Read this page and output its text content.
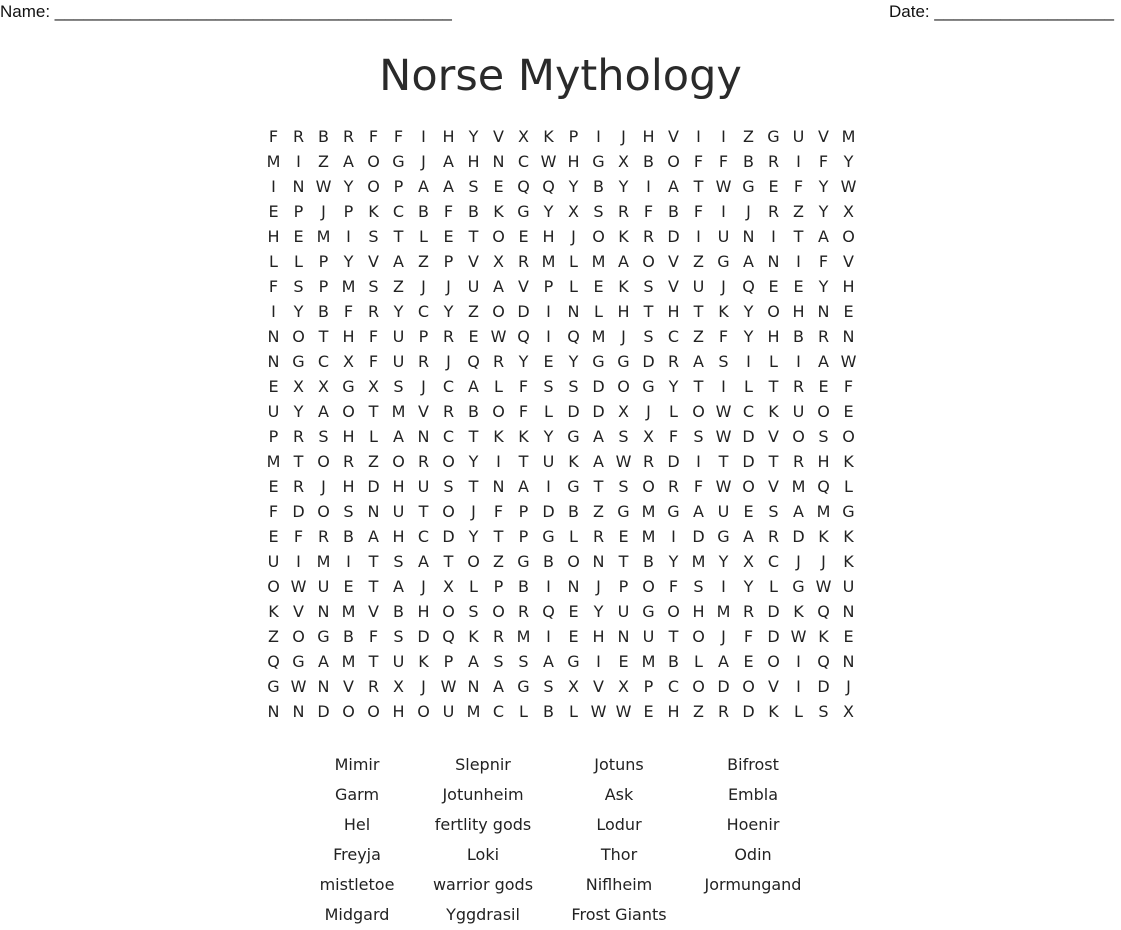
Name: __________________________________________	Date: ___________________
Norse Mythology
F R B R F F I H Y V X K P I J H V I I Z G U V M
M I Z A O G J A H N C W H G X B O F F B R I F Y
I N W Y O P A A S E Q Q Y B Y I A T W G E F Y W
E P J P K C B F B K G Y X S R F B F I J R Z Y X
H E M I S T L E T O E H J O K R D I U N I T A O
L L P Y V A Z P V X R M L M A O V Z G A N I F V
F S P M S Z J J U A V P L E K S V U J Q E E Y H
I Y B F R Y C Y Z O D I N L H T H T K Y O H N E
N O T H F U P R E W Q I Q M J S C Z F Y H B R N
N G C X F U R J Q R Y E Y G G D R A S I L I A W
E X X G X S J C A L F S S D O G Y T I L T R E F
U Y A O T M V R B O F L D D X J L O W C K U O E
P R S H L A N C T K K Y G A S X F S W D V O S O
M T O R Z O R O Y I T U K A W R D I T D T R H K
E R J H D H U S T N A I G T S O R F W O V M Q L
F D O S N U T O J F P D B Z G M G A U E S A M G
E F R B A H C D Y T P G L R E M I D G A R D K K
U I M I T S A T O Z G B O N T B Y M Y X C J J K
O W U E T A J X L P B I N J P O F S I Y L G W U
K V N M V B H O S O R Q E Y U G O H M R D K Q N
Z O G B F S D Q K R M I E H N U T O J F D W K E
Q G A M T U K P A S S A G I E M B L A E O I Q N
G W N V R X J W N A G S X V X P C O D O V I D J
N N D O O H O U M C L B L W W E H Z R D K L S X
Mimir	Slepnir	Jotuns	Bifrost
Garm	Jotunheim	Ask	Embla
Hel	fertlity gods	Lodur	Hoenir
Freyja	Loki	Thor	Odin
mistletoe	warrior gods	Niflheim	Jormungand
Midgard	Yggdrasil	Frost Giants
